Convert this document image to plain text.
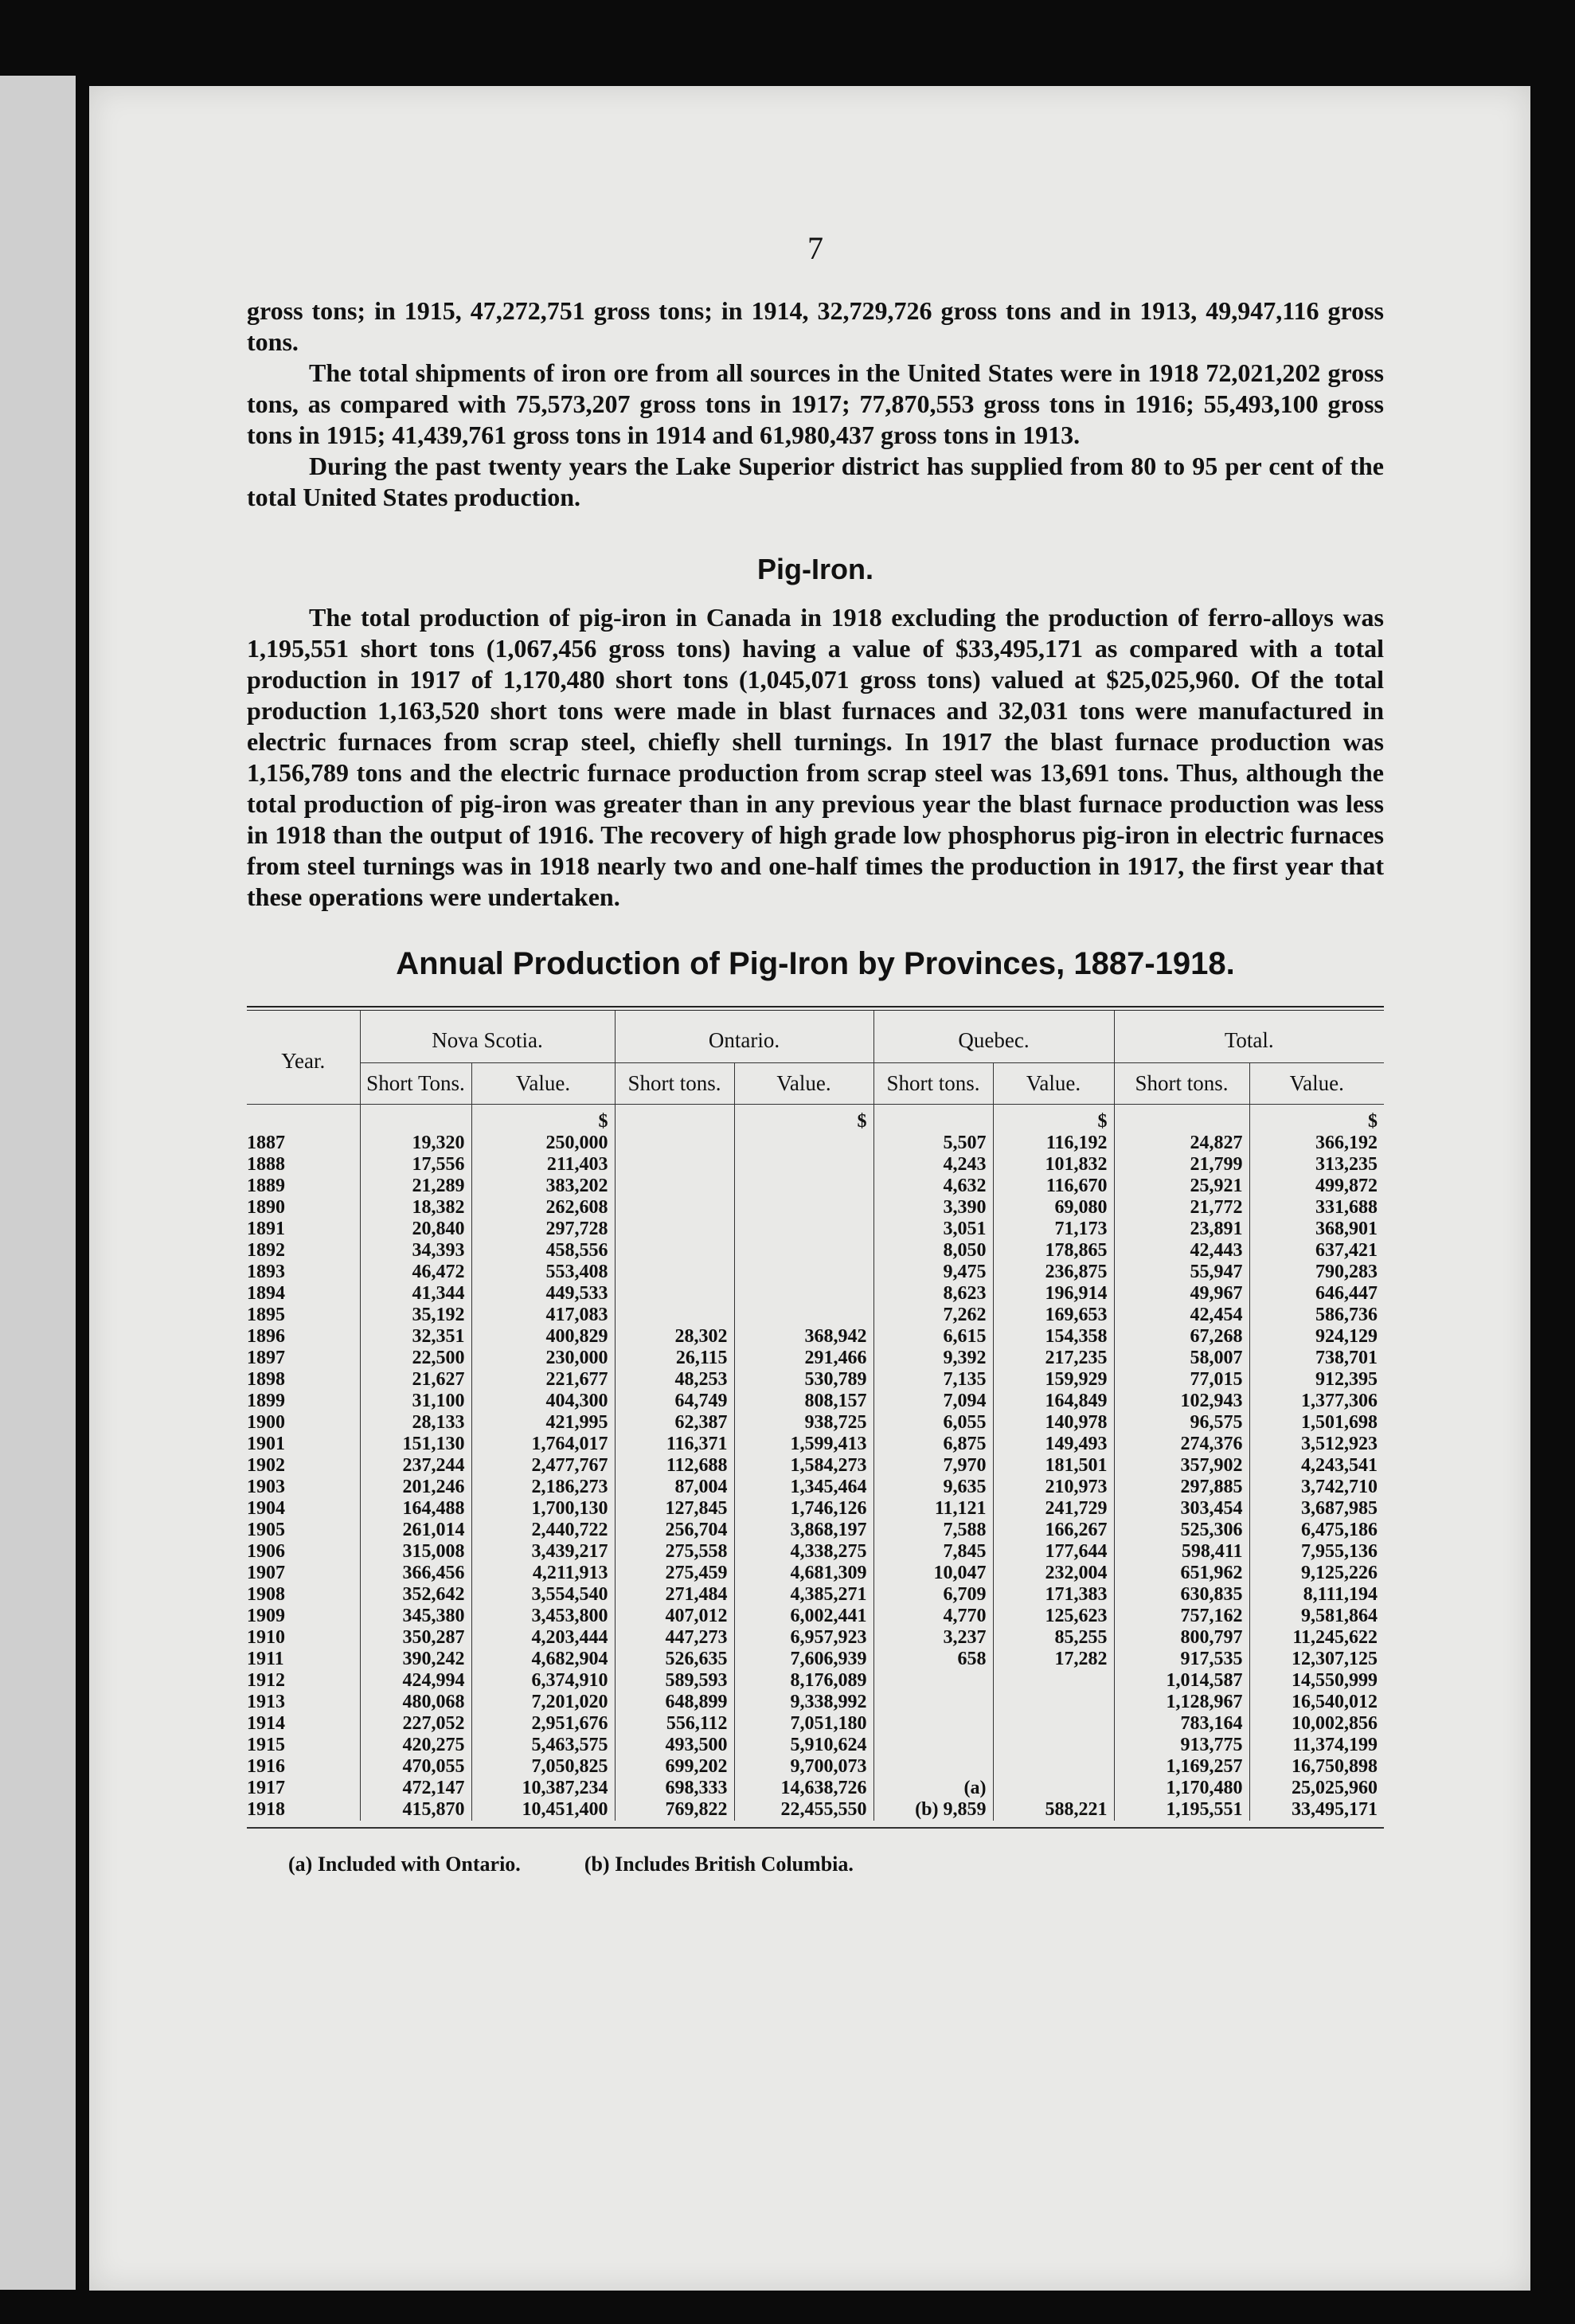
7

gross tons; in 1915, 47,272,751 gross tons; in 1914, 32,729,726 gross tons and in 1913, 49,947,116 gross tons.

The total shipments of iron ore from all sources in the United States were in 1918 72,021,202 gross tons, as compared with 75,573,207 gross tons in 1917; 77,870,553 gross tons in 1916; 55,493,100 gross tons in 1915; 41,439,761 gross tons in 1914 and 61,980,437 gross tons in 1913.

During the past twenty years the Lake Superior district has supplied from 80 to 95 per cent of the total United States production.

Pig-Iron.

The total production of pig-iron in Canada in 1918 excluding the production of ferro-alloys was 1,195,551 short tons (1,067,456 gross tons) having a value of $33,495,171 as compared with a total production in 1917 of 1,170,480 short tons (1,045,071 gross tons) valued at $25,025,960. Of the total production 1,163,520 short tons were made in blast furnaces and 32,031 tons were manufactured in electric furnaces from scrap steel, chiefly shell turnings. In 1917 the blast furnace production was 1,156,789 tons and the electric furnace production from scrap steel was 13,691 tons. Thus, although the total production of pig-iron was greater than in any previous year the blast furnace production was less in 1918 than the output of 1916. The recovery of high grade low phosphorus pig-iron in electric furnaces from steel turnings was in 1918 nearly two and one-half times the production in 1917, the first year that these operations were undertaken.

Annual Production of Pig-Iron by Provinces, 1887-1918.
Year.	Nova Scotia.		Ontario.		Quebec.		Total.	
	Short Tons.	Value.	Short tons.	Value.	Short tons.	Value.	Short tons.	Value.
		$		$		$		$
1887	19,320	250,000			5,507	116,192	24,827	366,192
1888	17,556	211,403			4,243	101,832	21,799	313,235
1889	21,289	383,202			4,632	116,670	25,921	499,872
1890	18,382	262,608			3,390	69,080	21,772	331,688
1891	20,840	297,728			3,051	71,173	23,891	368,901
1892	34,393	458,556			8,050	178,865	42,443	637,421
1893	46,472	553,408			9,475	236,875	55,947	790,283
1894	41,344	449,533			8,623	196,914	49,967	646,447
1895	35,192	417,083			7,262	169,653	42,454	586,736
1896	32,351	400,829	28,302	368,942	6,615	154,358	67,268	924,129
1897	22,500	230,000	26,115	291,466	9,392	217,235	58,007	738,701
1898	21,627	221,677	48,253	530,789	7,135	159,929	77,015	912,395
1899	31,100	404,300	64,749	808,157	7,094	164,849	102,943	1,377,306
1900	28,133	421,995	62,387	938,725	6,055	140,978	96,575	1,501,698
1901	151,130	1,764,017	116,371	1,599,413	6,875	149,493	274,376	3,512,923
1902	237,244	2,477,767	112,688	1,584,273	7,970	181,501	357,902	4,243,541
1903	201,246	2,186,273	87,004	1,345,464	9,635	210,973	297,885	3,742,710
1904	164,488	1,700,130	127,845	1,746,126	11,121	241,729	303,454	3,687,985
1905	261,014	2,440,722	256,704	3,868,197	7,588	166,267	525,306	6,475,186
1906	315,008	3,439,217	275,558	4,338,275	7,845	177,644	598,411	7,955,136
1907	366,456	4,211,913	275,459	4,681,309	10,047	232,004	651,962	9,125,226
1908	352,642	3,554,540	271,484	4,385,271	6,709	171,383	630,835	8,111,194
1909	345,380	3,453,800	407,012	6,002,441	4,770	125,623	757,162	9,581,864
1910	350,287	4,203,444	447,273	6,957,923	3,237	85,255	800,797	11,245,622
1911	390,242	4,682,904	526,635	7,606,939	658	17,282	917,535	12,307,125
1912	424,994	6,374,910	589,593	8,176,089			1,014,587	14,550,999
1913	480,068	7,201,020	648,899	9,338,992			1,128,967	16,540,012
1914	227,052	2,951,676	556,112	7,051,180			783,164	10,002,856
1915	420,275	5,463,575	493,500	5,910,624			913,775	11,374,199
1916	470,055	7,050,825	699,202	9,700,073			1,169,257	16,750,898
1917	472,147	10,387,234	698,333	14,638,726	(a)		1,170,480	25,025,960
1918	415,870	10,451,400	769,822	22,455,550	(b) 9,859	588,221	1,195,551	33,495,171
(a) Included with Ontario.	(b) Includes British Columbia.
